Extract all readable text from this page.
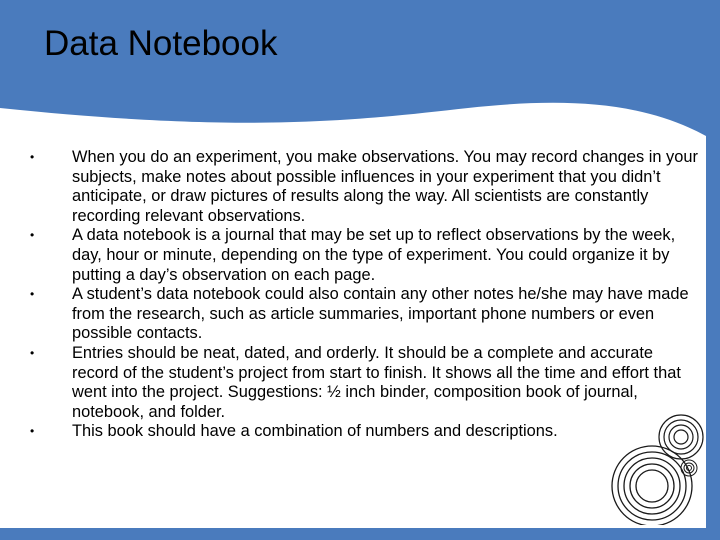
Data Notebook
• When you do an experiment, you make observations. You may record changes in your subjects, make notes about possible influences in your experiment that you didn’t anticipate, or draw pictures of results along the way. All scientists are constantly recording relevant observations.
• A data notebook is a journal that may be set up to reflect observations by the week, day, hour or minute, depending on the type of experiment. You could organize it by putting a day’s observation on each page.
• A student’s data notebook could also contain any other notes he/she may have made from the research, such as article summaries, important phone numbers or even possible contacts.
• Entries should be neat, dated, and orderly. It should be a complete and accurate record of the student’s project from start to finish. It shows all the time and effort that went into the project. Suggestions: ½ inch binder, composition book of journal, notebook, and folder.
• This book should have a combination of numbers and descriptions.
